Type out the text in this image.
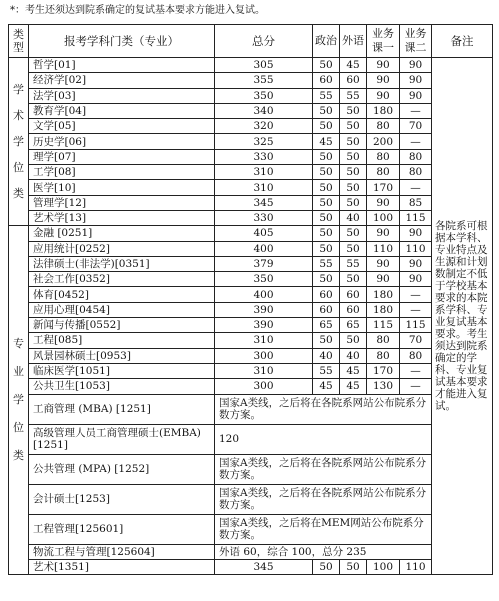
*：考生还须达到院系确定的复试基本要求方能进入复试。
类型	报考学科门类（专业）	总分	政治	外语	业务课一	业务课二	备注

学
术
学
位
类	哲学[01]	305	50	45	90	90	各院系可根据本学科、专业特点及生源和计划数制定不低于学校基本要求的本院系学科、专业复试基本要求。考生须达到院系确定的学科、专业复试基本要求才能进入复试。
	经济学[02]	355	60	60	90	90	
	法学[03]	350	55	55	90	90	
	教育学[04]	340	50	50	180	—	
	文学[05]	320	50	50	80	70	
	历史学[06]	325	45	50	200	—	
	理学[07]	330	50	50	80	80	
	工学[08]	310	50	50	80	80	
	医学[10]	310	50	50	170	—	
	管理学[12]	345	50	50	90	85	
	艺术学[13]	330	50	40	100	115	

专
业
学
位
类	金融 [0251]	405	50	50	90	90	
	应用统计[0252]	400	50	50	110	110	
	法律硕士(非法学)[0351]	379	55	55	90	90	
	社会工作[0352]	350	50	50	90	90	
	体育[0452]	400	60	60	180	—	
	应用心理[0454]	390	60	60	180	—	
	新闻与传播[0552]	390	65	65	115	115	
	工程[085]	310	50	50	80	70	
	风景园林硕士[0953]	300	40	40	80	80	
	临床医学[1051]	310	55	45	170	—	
	公共卫生[1053]	300	45	45	130	—	
	工商管理 (MBA) [1251]	国家A类线，之后将在各院系网站公布院系分数方案。					
	高级管理人员工商管理硕士(EMBA)[1251]	120					
	公共管理 (MPA) [1252]	国家A类线，之后将在各院系网站公布院系分数方案。					
	会计硕士[1253]	国家A类线，之后将在各院系网站公布院系分数方案。					
	工程管理[125601]	国家A类线，之后将在MEM网站公布院系分数方案。					
	物流工程与管理[125604]	外语 60，综合 100，总分 235					
	艺术[1351]	345	50	50	100	110	
